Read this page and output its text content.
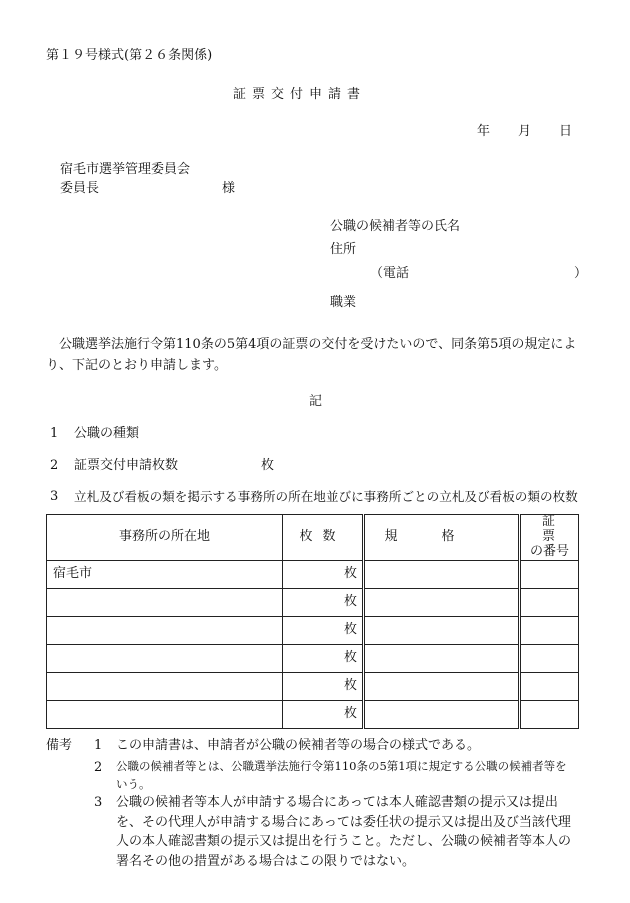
第１９号様式(第２６条関係)
証票交付申請書
年 月 日
宿毛市選挙管理委員会
委員長	様
公職の候補者等の氏名
住所
（電話	）
職業
公職選挙法施行令第110条の5第4項の証票の交付を受けたいので、同条第5項の規定により、下記のとおり申請します。
記
1 公職の種類
2 証票交付申請枚数	枚
3 立札及び看板の類を掲示する事務所の所在地並びに事務所ごとの立札及び看板の類の枚数
事務所の所在地	枚数	規格	証票
の番号

宿毛市	枚		
	枚		
	枚		
	枚		
	枚		
	枚		
備考 1 この申請書は、申請者が公職の候補者等の場合の様式である。
2 公職の候補者等とは、公職選挙法施行令第110条の5第1項に規定する公職の候補者等をいう。
3 公職の候補者等本人が申請する場合にあっては本人確認書類の提示又は提出を、その代理人が申請する場合にあっては委任状の提示又は提出及び当該代理人の本人確認書類の提示又は提出を行うこと。ただし、公職の候補者等本人の署名その他の措置がある場合はこの限りではない。
